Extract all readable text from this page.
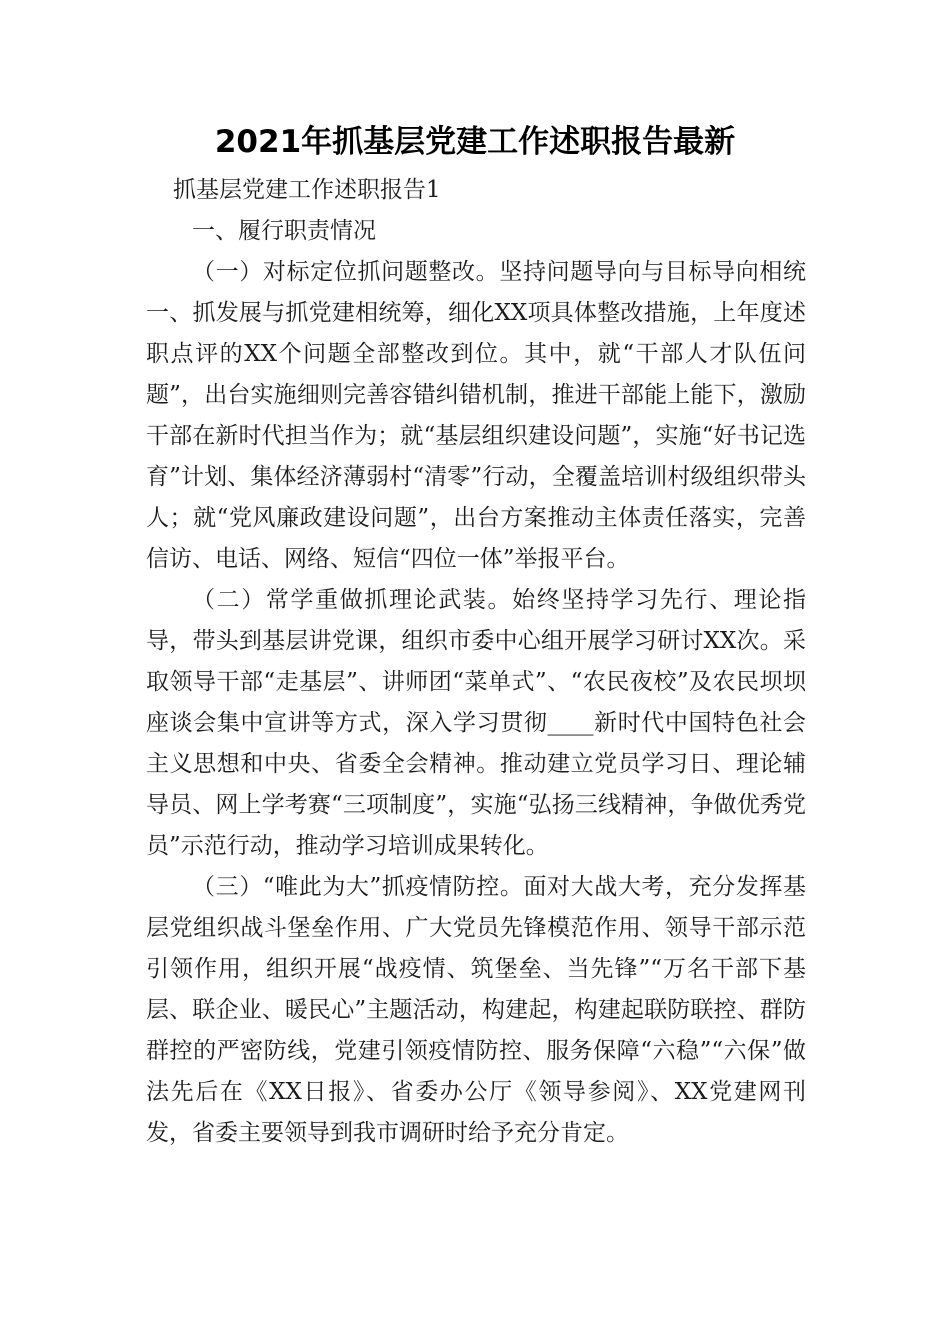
2021年抓基层党建工作述职报告最新

抓基层党建工作述职报告1

一、履行职责情况

（一）对标定位抓问题整改。坚持问题导向与目标导向相统一、抓发展与抓党建相统筹，细化XX项具体整改措施，上年度述职点评的XX个问题全部整改到位。其中，就“干部人才队伍问题”，出台实施细则完善容错纠错机制，推进干部能上能下，激励干部在新时代担当作为；就“基层组织建设问题”，实施“好书记选育”计划、集体经济薄弱村“清零”行动，全覆盖培训村级组织带头人；就“党风廉政建设问题”，出台方案推动主体责任落实，完善信访、电话、网络、短信“四位一体”举报平台。

（二）常学重做抓理论武装。始终坚持学习先行、理论指导，带头到基层讲党课，组织市委中心组开展学习研讨XX次。采取领导干部“走基层”、讲师团“菜单式”、“农民夜校”及农民坝坝座谈会集中宣讲等方式，深入学习贯彻____新时代中国特色社会主义思想和中央、省委全会精神。推动建立党员学习日、理论辅导员、网上学考赛“三项制度”，实施“弘扬三线精神，争做优秀党员”示范行动，推动学习培训成果转化。

（三）“唯此为大”抓疫情防控。面对大战大考，充分发挥基层党组织战斗堡垒作用、广大党员先锋模范作用、领导干部示范引领作用，组织开展“战疫情、筑堡垒、当先锋”“万名干部下基层、联企业、暖民心”主题活动，构建起，构建起联防联控、群防群控的严密防线，党建引领疫情防控、服务保障“六稳”“六保”做法先后在《XX日报》、省委办公厅《领导参阅》、XX党建网刊发，省委主要领导到我市调研时给予充分肯定。
